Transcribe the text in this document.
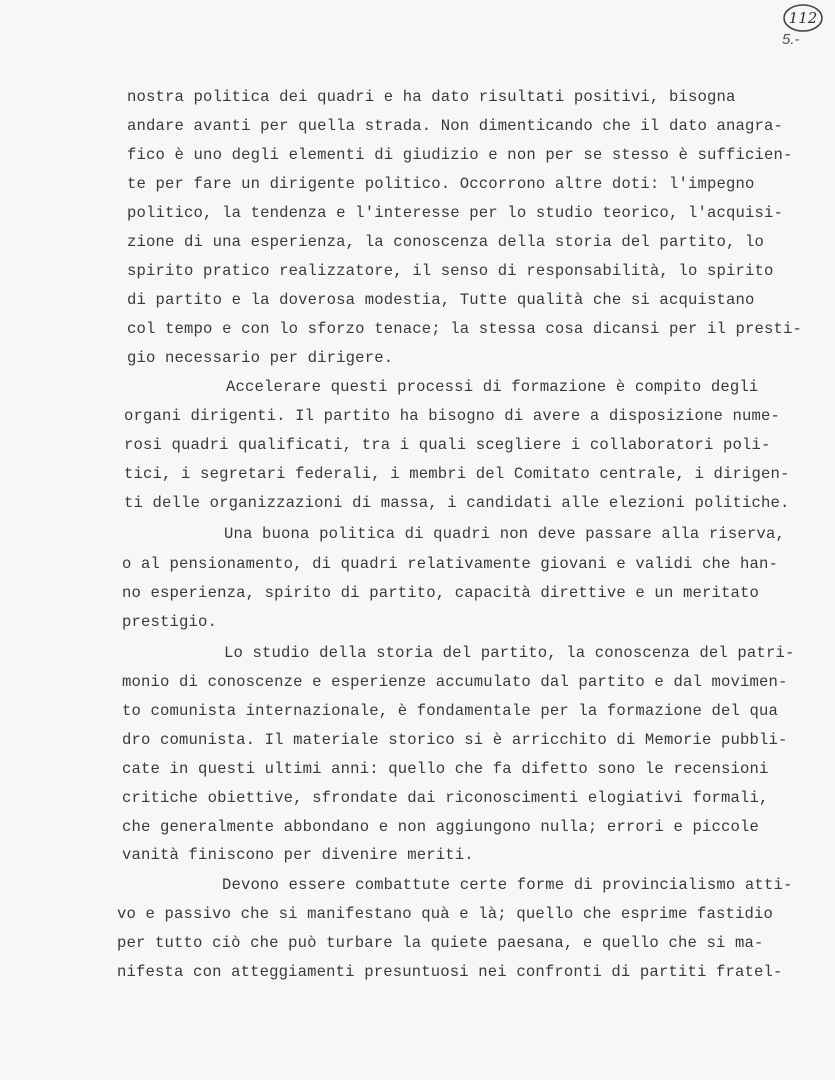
112
5.-
nostra politica dei quadri e ha dato risultati positivi, bisogna
andare avanti per quella strada. Non dimenticando che il dato anagra-
fico è uno degli elementi di giudizio e non per se stesso è sufficien-
te per fare un dirigente politico. Occorrono altre doti: l'impegno
politico, la tendenza e l'interesse per lo studio teorico, l'acquisi-
zione di una esperienza, la conoscenza della storia del partito, lo
spirito pratico realizzatore, il senso di responsabilità, lo spirito
di partito e la doverosa modestia, Tutte qualità che si acquistano
col tempo e con lo sforzo tenace; la stessa cosa dicansi per il presti-
gio necessario per dirigere.
Accelerare questi processi di formazione è compito degli
organi dirigenti. Il partito ha bisogno di avere a disposizione nume-
rosi quadri qualificati, tra i quali scegliere i collaboratori poli-
tici, i segretari federali, i membri del Comitato centrale, i dirigen-
ti delle organizzazioni di massa, i candidati alle elezioni politiche.
Una buona politica di quadri non deve passare alla riserva,
o al pensionamento, di quadri relativamente giovani e validi che han-
no esperienza, spirito di partito, capacità direttive e un meritato
prestigio.
Lo studio della storia del partito, la conoscenza del patri-
monio di conoscenze e esperienze accumulato dal partito e dal movimen-
to comunista internazionale, è fondamentale per la formazione del qua
dro comunista. Il materiale storico si è arricchito di Memorie pubbli-
cate in questi ultimi anni: quello che fa difetto sono le recensioni
critiche obiettive, sfrondate dai riconoscimenti elogiativi formali,
che generalmente abbondano e non aggiungono nulla; errori e piccole
vanità finiscono per divenire meriti.
Devono essere combattute certe forme di provincialismo atti-
vo e passivo che si manifestano quà e là; quello che esprime fastidio
per tutto ciò che può turbare la quiete paesana, e quello che si ma-
nifesta con atteggiamenti presuntuosi nei confronti di partiti fratel-
